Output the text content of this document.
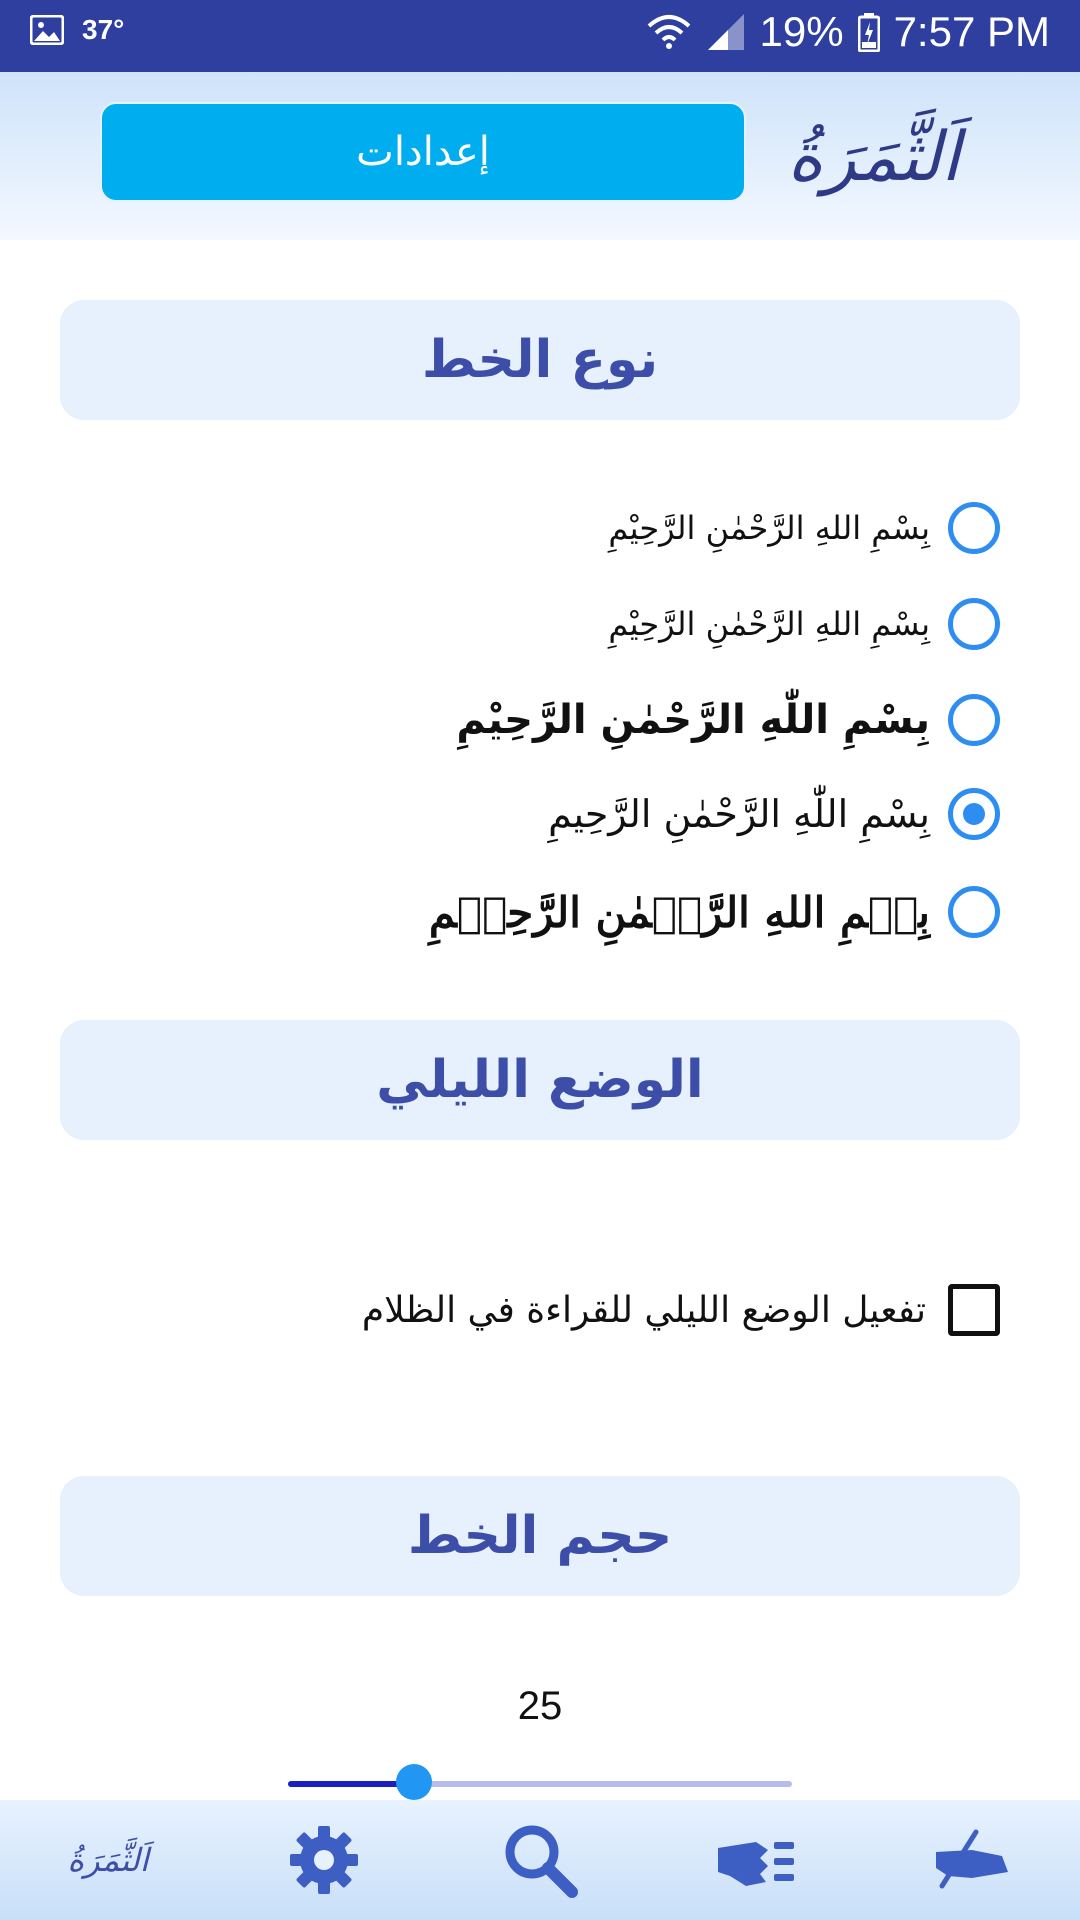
37°	19% 7:57 PM
إعدادات	اَلثَّمَرَةُ
نوع الخط
بِسْمِ اللهِ الرَّحْمٰنِ الرَّحِيْمِ
بِسْمِ اللهِ الرَّحْمٰنِ الرَّحِيْمِ
بِسْمِ اللّٰهِ الرَّحْمٰنِ الرَّحِيْمِ
بِسْمِ اللّٰهِ الرَّحْمٰنِ الرَّحِيمِ
بِسۡمِ اللهِ الرَّحۡمٰنِ الرَّحِيۡمِ
الوضع الليلي
تفعيل الوضع الليلي للقراءة في الظلام
حجم الخط
25
اَلثَّمَرَةُ
